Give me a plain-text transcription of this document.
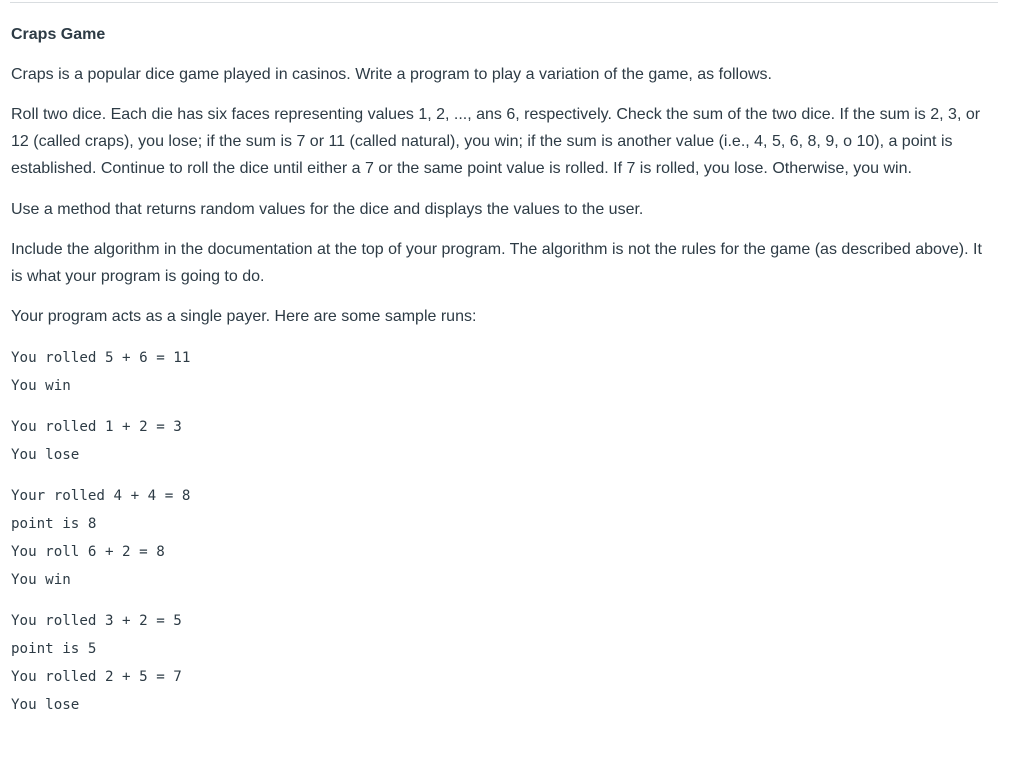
Craps Game

Craps is a popular dice game played in casinos. Write a program to play a variation of the game, as follows.

Roll two dice. Each die has six faces representing values 1, 2, ..., ans 6, respectively. Check the sum of the two dice. If the sum is 2, 3, or 12 (called craps), you lose; if the sum is 7 or 11 (called natural), you win; if the sum is another value (i.e., 4, 5, 6, 8, 9, o 10), a point is established. Continue to roll the dice until either a 7 or the same point value is rolled. If 7 is rolled, you lose. Otherwise, you win.

Use a method that returns random values for the dice and displays the values to the user.

Include the algorithm in the documentation at the top of your program. The algorithm is not the rules for the game (as described above). It is what your program is going to do.

Your program acts as a single payer. Here are some sample runs:

You rolled 5 + 6 = 11
You win
You rolled 1 + 2 = 3
You lose
Your rolled 4 + 4 = 8
point is 8
You roll 6 + 2 = 8
You win
You rolled 3 + 2 = 5
point is 5
You rolled 2 + 5 = 7
You lose
